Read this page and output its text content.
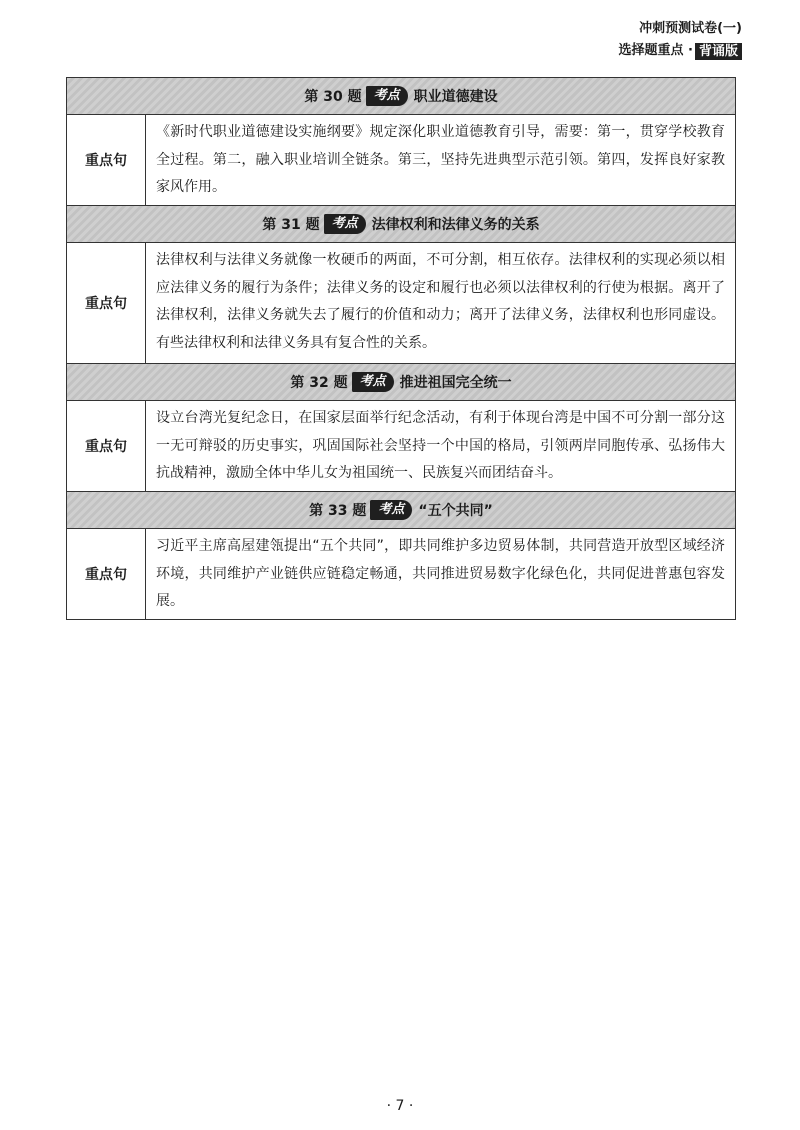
冲刺预测试卷(一)
选择题重点 · 背诵版
第 30 题 考点	职业道德建设
重点句
《新时代职业道德建设实施纲要》规定深化职业道德教育引导，需要：第一，贯穿学校教育全过程。第二，融入职业培训全链条。第三，坚持先进典型示范引领。第四，发挥良好家教家风作用。
第 31 题 考点	法律权利和法律义务的关系
重点句
法律权利与法律义务就像一枚硬币的两面，不可分割，相互依存。法律权利的实现必须以相应法律义务的履行为条件；法律义务的设定和履行也必须以法律权利的行使为根据。离开了法律权利，法律义务就失去了履行的价值和动力；离开了法律义务，法律权利也形同虚设。有些法律权利和法律义务具有复合性的关系。
第 32 题 考点	推进祖国完全统一
重点句
设立台湾光复纪念日，在国家层面举行纪念活动，有利于体现台湾是中国不可分割一部分这一无可辩驳的历史事实，巩固国际社会坚持一个中国的格局，引领两岸同胞传承、弘扬伟大抗战精神，激励全体中华儿女为祖国统一、民族复兴而团结奋斗。
第 33 题 考点	“五个共同”
重点句
习近平主席高屋建瓴提出“五个共同”，即共同维护多边贸易体制，共同营造开放型区域经济环境，共同维护产业链供应链稳定畅通，共同推进贸易数字化绿色化，共同促进普惠包容发展。
· 7 ·
